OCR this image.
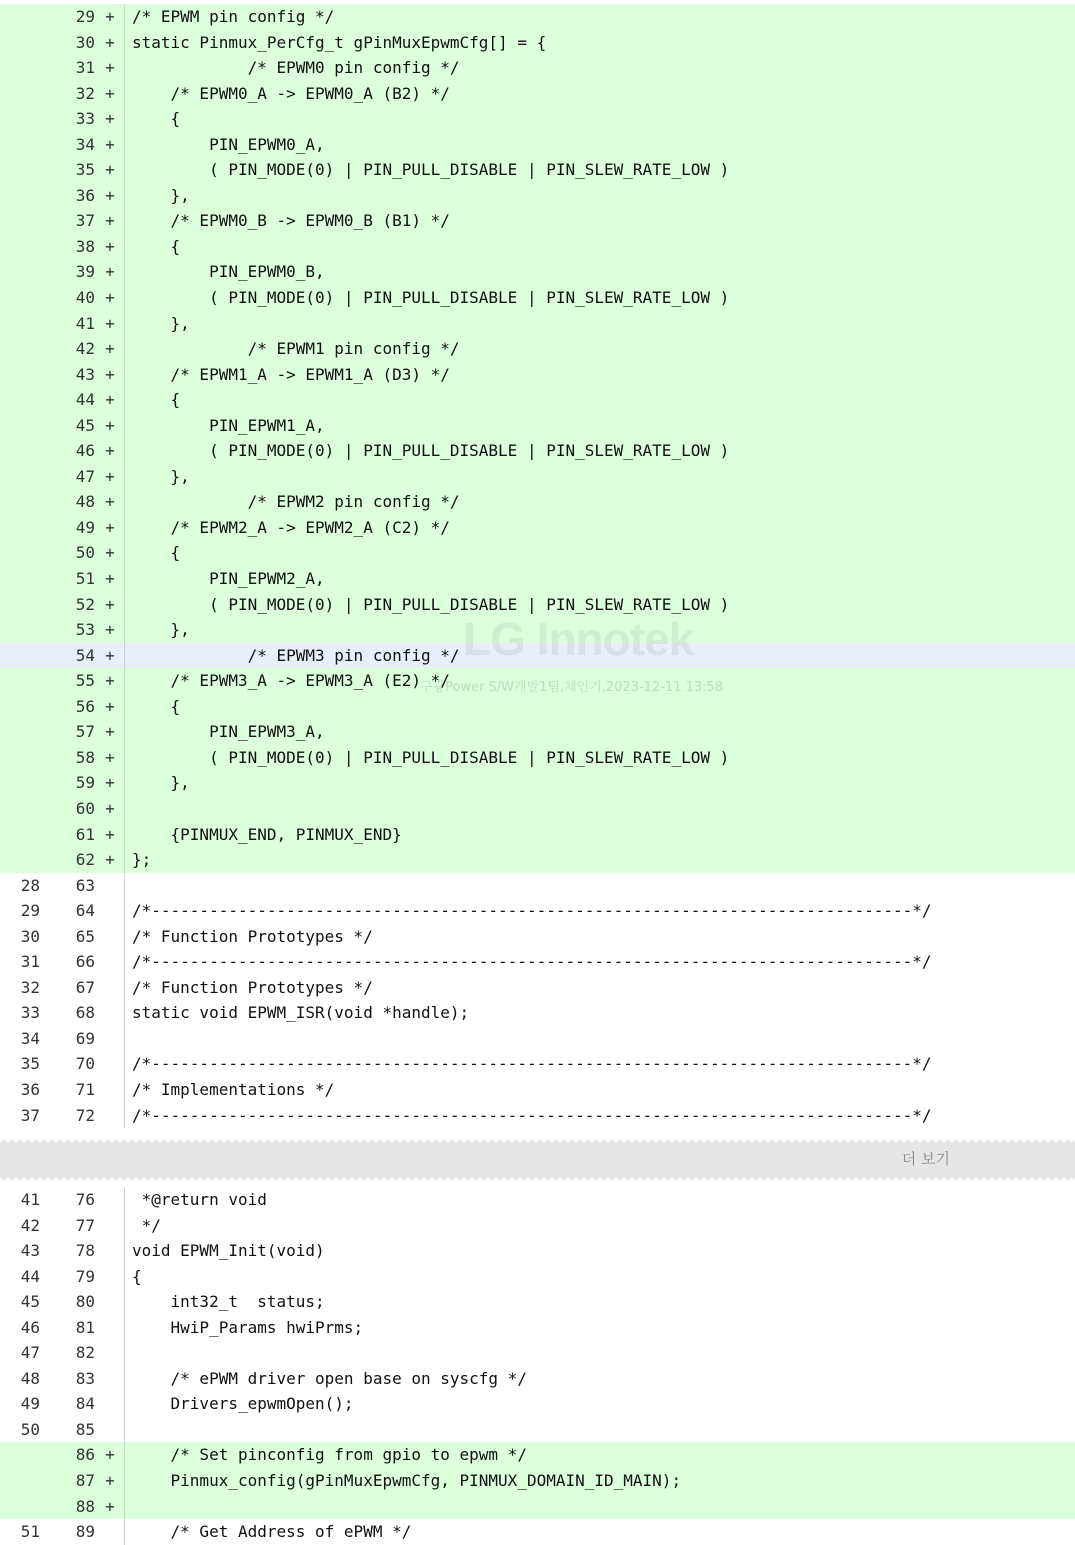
29 +	/* EPWM pin config */
30 +	static Pinmux_PerCfg_t gPinMuxEpwmCfg[] = {
31 +	/* EPWM0 pin config */
32 +	/* EPWM0_A -> EPWM0_A (B2) */
33 +	{
34 +	PIN_EPWM0_A,
35 +	( PIN_MODE(0) | PIN_PULL_DISABLE | PIN_SLEW_RATE_LOW )
36 +	},
37 +	/* EPWM0_B -> EPWM0_B (B1) */
38 +	{
39 +	PIN_EPWM0_B,
40 +	( PIN_MODE(0) | PIN_PULL_DISABLE | PIN_SLEW_RATE_LOW )
41 +	},
42 +	/* EPWM1 pin config */
43 +	/* EPWM1_A -> EPWM1_A (D3) */
44 +	{
45 +	PIN_EPWM1_A,
46 +	( PIN_MODE(0) | PIN_PULL_DISABLE | PIN_SLEW_RATE_LOW )
47 +	},
48 +	/* EPWM2 pin config */
49 +	/* EPWM2_A -> EPWM2_A (C2) */
50 +	{
51 +	PIN_EPWM2_A,
52 +	( PIN_MODE(0) | PIN_PULL_DISABLE | PIN_SLEW_RATE_LOW )
53 +	},
54 +	/* EPWM3 pin config */
55 +	/* EPWM3_A -> EPWM3_A (E2) */
56 +	{
57 +	PIN_EPWM3_A,
58 +	( PIN_MODE(0) | PIN_PULL_DISABLE | PIN_SLEW_RATE_LOW )
59 +	},
60 +
61 +	{PINMUX_END, PINMUX_END}
62 +	};
28	63
29	64 /*-------------------------------------------------------------------------------*/
30	65 /* Function Prototypes */
31	66 /*-------------------------------------------------------------------------------*/
32	67 /* Function Prototypes */
33	68 static void EPWM_ISR(void *handle);
34	69
35	70 /*-------------------------------------------------------------------------------*/
36	71 /* Implementations */
37	72 /*-------------------------------------------------------------------------------*/
더 보기
41	76 *@return void
42	77 */
43	78 void EPWM_Init(void)
44	79 {
45	80 int32_t  status;
46	81 HwiP_Params hwiPrms;
47	82
48	83 /* ePWM driver open base on syscfg */
49	84 Drivers_epwmOpen();
50	85
86 +	/* Set pinconfig from gpio to epwm */
87 +	Pinmux_config(gPinMuxEpwmCfg, PINMUX_DOMAIN_ID_MAIN);
88 +
51	89 /* Get Address of ePWM */
구광Power S/W개발1팀,채인기,2023-12-11 13:58
